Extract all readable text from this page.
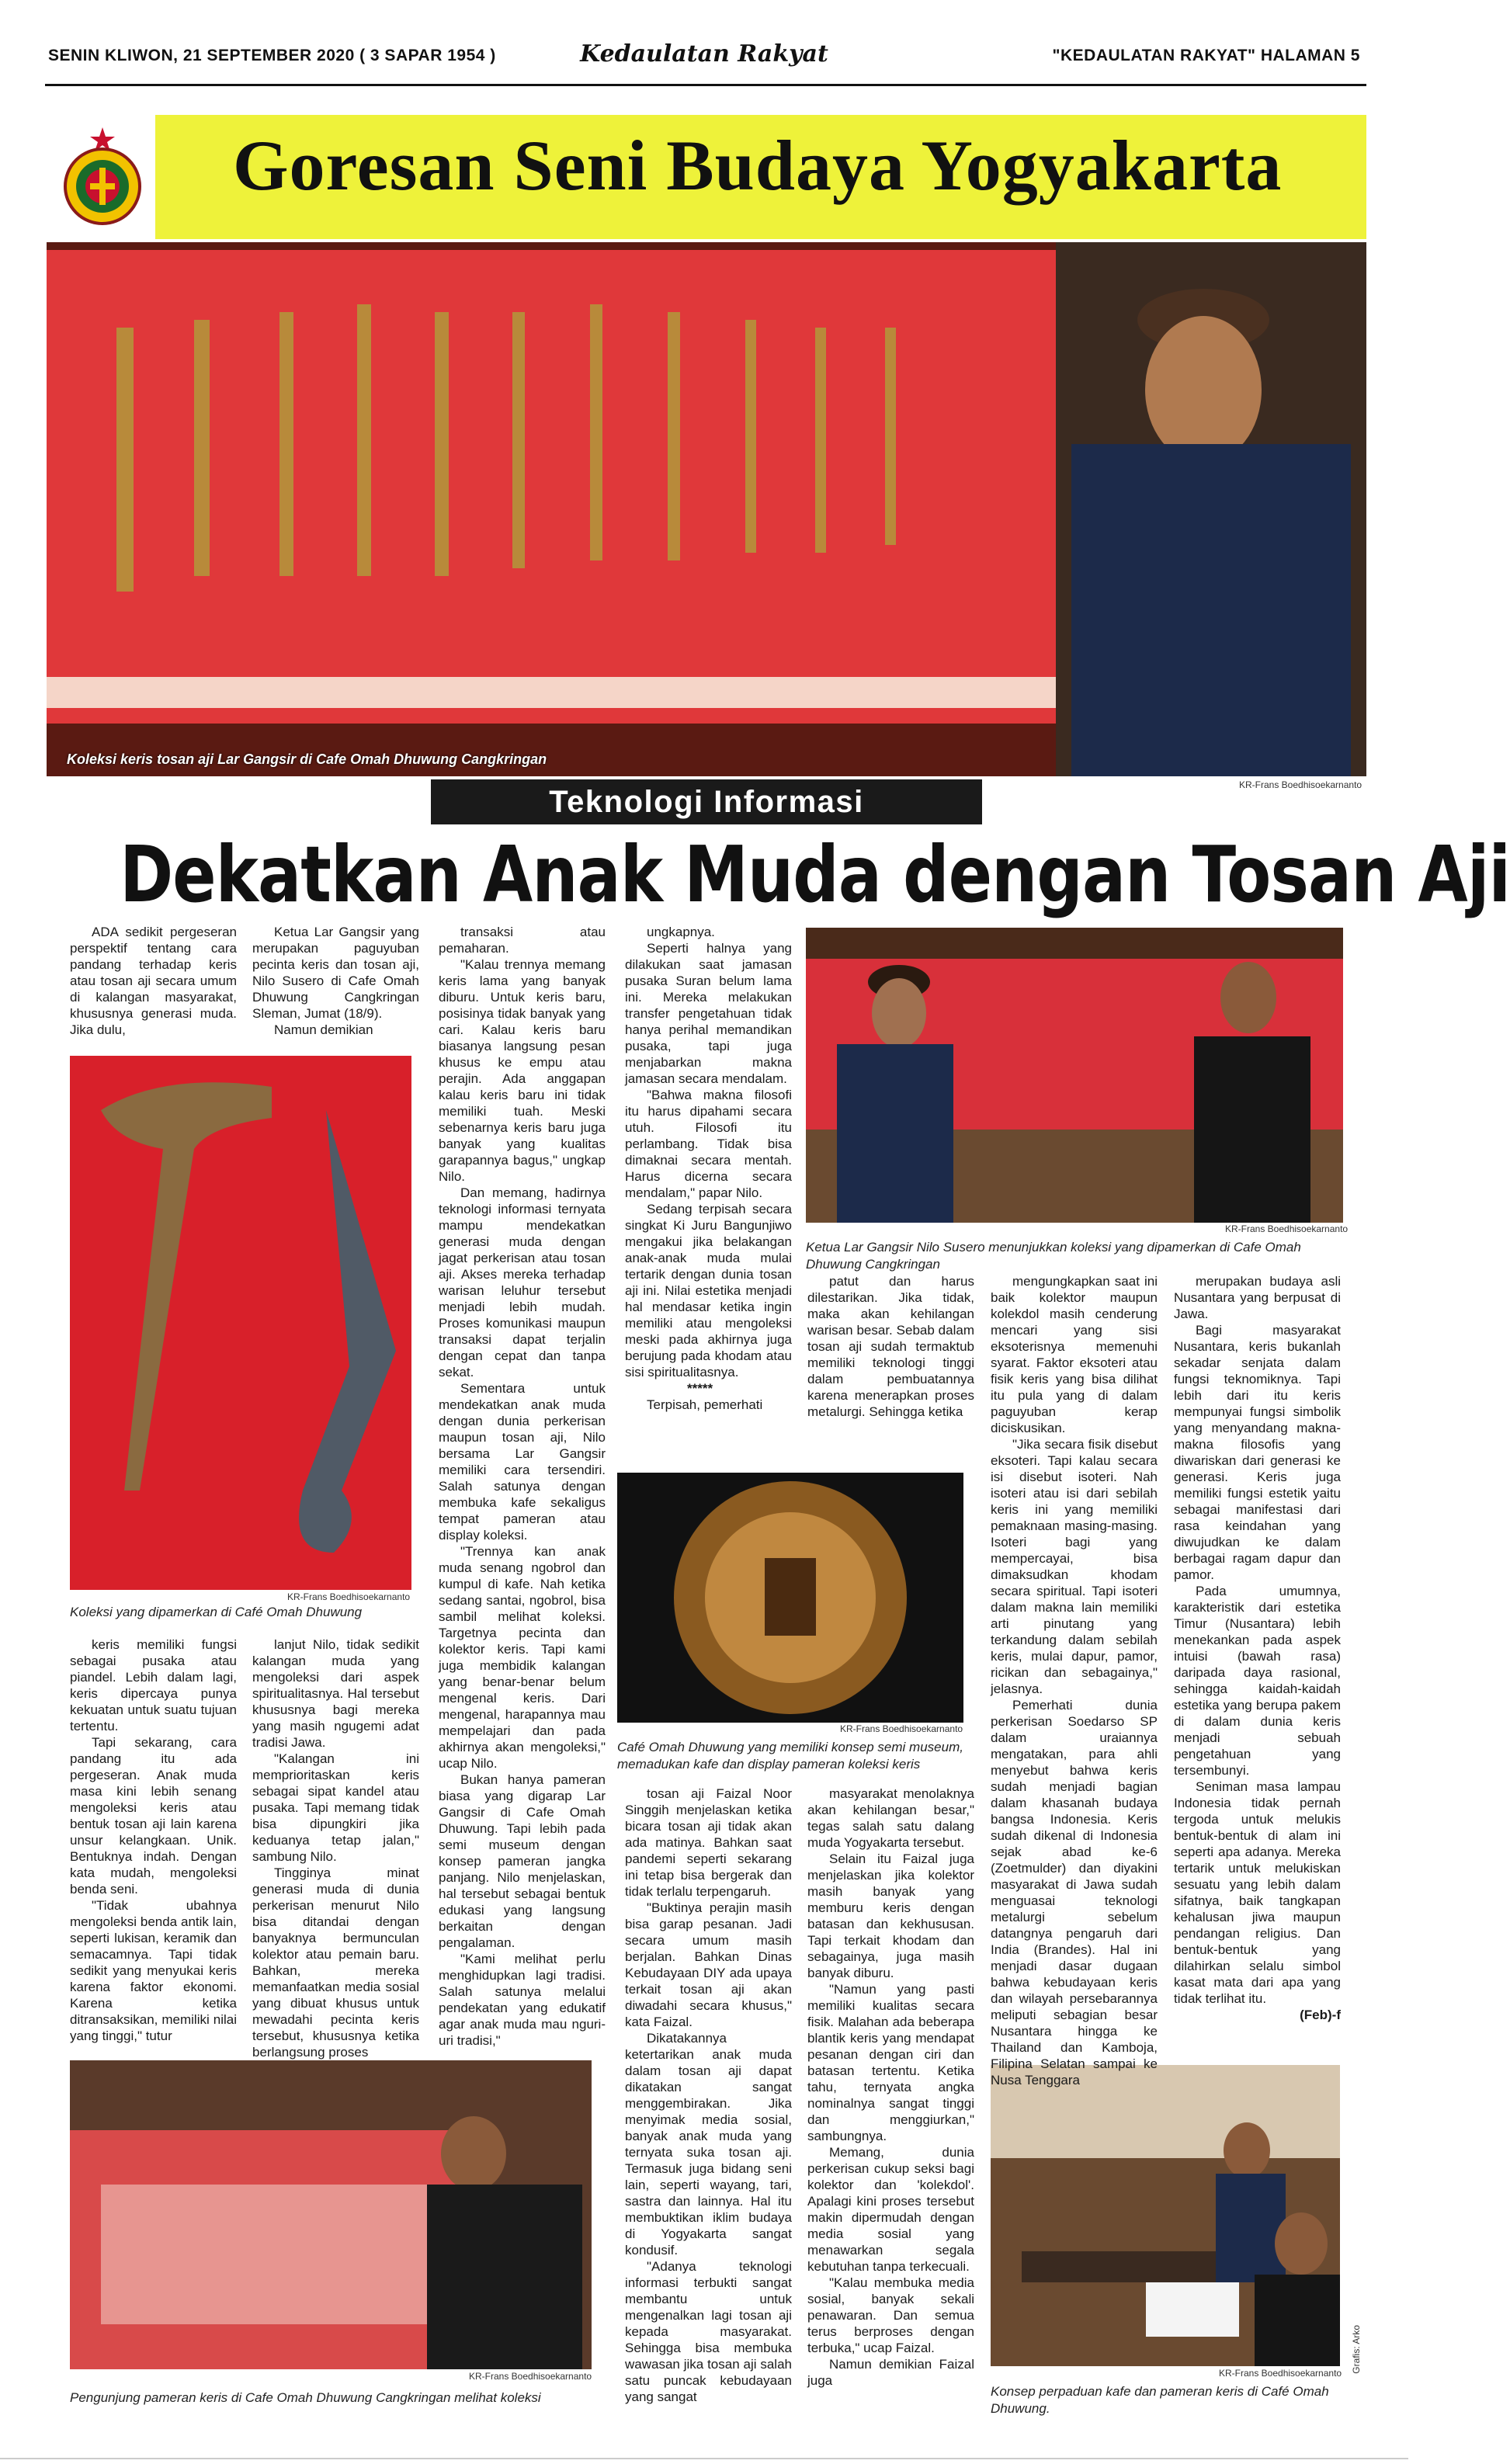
SENIN KLIWON, 21 SEPTEMBER 2020 ( 3 SAPAR 1954 )	Kedaulatan Rakyat	"KEDAULATAN RAKYAT" HALAMAN 5
Goresan Seni Budaya Yogyakarta
Koleksi keris tosan aji Lar Gangsir di Cafe Omah Dhuwung Cangkringan
KR-Frans Boedhisoekarnanto
Teknologi Informasi
Dekatkan Anak Muda dengan Tosan Aji
KR-Frans Boedhisoekarnanto
Koleksi yang dipamerkan di Café Omah Dhuwung
KR-Frans Boedhisoekarnanto
Ketua Lar Gangsir Nilo Susero menunjukkan koleksi yang dipamerkan di Cafe Omah Dhuwung Cangkringan
KR-Frans Boedhisoekarnanto
Café Omah Dhuwung yang memiliki konsep semi museum, memadukan kafe dan display pameran koleksi keris
KR-Frans Boedhisoekarnanto
Pengunjung pameran keris di Cafe Omah Dhuwung Cangkringan melihat koleksi
KR-Frans Boedhisoekarnanto
Konsep perpaduan kafe dan pameran keris di Café Omah Dhuwung.
Grafis: Arko

ADA sedikit pergeseran perspektif tentang cara pandang terhadap keris atau tosan aji secara umum di kalangan masyarakat, khususnya generasi muda. Jika dulu,

Ketua Lar Gangsir yang merupakan paguyuban pecinta keris dan tosan aji, Nilo Susero di Cafe Omah Dhuwung Cangkringan Sleman, Jumat (18/9).

Namun demikian

transaksi atau pemaharan.

"Kalau trennya memang keris lama yang banyak diburu. Untuk keris baru, posisinya tidak banyak yang cari. Kalau keris baru biasanya langsung pesan khusus ke empu atau perajin. Ada anggapan kalau keris baru ini tidak memiliki tuah. Meski sebenarnya keris baru juga banyak yang kualitas garapannya bagus," ungkap Nilo.

Dan memang, hadirnya teknologi informasi ternyata mampu mendekatkan generasi muda dengan jagat perkerisan atau tosan aji. Akses mereka terhadap warisan leluhur tersebut menjadi lebih mudah. Proses komunikasi maupun transaksi dapat terjalin dengan cepat dan tanpa sekat.

Sementara untuk mendekatkan anak muda dengan dunia perkerisan maupun tosan aji, Nilo bersama Lar Gangsir memiliki cara tersendiri. Salah satunya dengan membuka kafe sekaligus tempat pameran atau display koleksi.

"Trennya kan anak muda senang ngobrol dan kumpul di kafe. Nah ketika sedang santai, ngobrol, bisa sambil melihat koleksi. Targetnya pecinta dan kolektor keris. Tapi kami juga membidik kalangan yang benar-benar belum mengenal keris. Dari mengenal, harapannya mau mempelajari dan pada akhirnya akan mengoleksi," ucap Nilo.

Bukan hanya pameran biasa yang digarap Lar Gangsir di Cafe Omah Dhuwung. Tapi lebih pada semi museum dengan konsep pameran jangka panjang. Nilo menjelaskan, hal tersebut sebagai bentuk edukasi yang langsung berkaitan dengan pengalaman.

"Kami melihat perlu menghidupkan lagi tradisi. Salah satunya melalui pendekatan yang edukatif agar anak muda mau nguri-uri tradisi,"

ungkapnya.

Seperti halnya yang dilakukan saat jamasan pusaka Suran belum lama ini. Mereka melakukan transfer pengetahuan tidak hanya perihal memandikan pusaka, tapi juga menjabarkan makna jamasan secara mendalam.

"Bahwa makna filosofi itu harus dipahami secara utuh. Filosofi itu perlambang. Tidak bisa dimaknai secara mentah. Harus dicerna secara mendalam," papar Nilo.

Sedang terpisah secara singkat Ki Juru Bangunjiwo mengakui jika belakangan anak-anak muda mulai tertarik dengan dunia tosan aji ini. Nilai estetika menjadi hal mendasar ketika ingin memiliki atau mengoleksi meski pada akhirnya juga berujung pada khodam atau sisi spiritualitasnya.

*****

Terpisah, pemerhati

keris memiliki fungsi sebagai pusaka atau piandel. Lebih dalam lagi, keris dipercaya punya kekuatan untuk suatu tujuan tertentu.

Tapi sekarang, cara pandang itu ada pergeseran. Anak muda masa kini lebih senang mengoleksi keris atau bentuk tosan aji lain karena unsur kelangkaan. Unik. Bentuknya indah. Dengan kata mudah, mengoleksi benda seni.

"Tidak ubahnya mengoleksi benda antik lain, seperti lukisan, keramik dan semacamnya. Tapi tidak sedikit yang menyukai keris karena faktor ekonomi. Karena ketika ditransaksikan, memiliki nilai yang tinggi," tutur

lanjut Nilo, tidak sedikit kalangan muda yang mengoleksi dari aspek spiritualitasnya. Hal tersebut khususnya bagi mereka yang masih ngugemi adat tradisi Jawa.

"Kalangan ini memprioritaskan keris sebagai sipat kandel atau pusaka. Tapi memang tidak bisa dipungkiri jika keduanya tetap jalan," sambung Nilo.

Tingginya minat generasi muda di dunia perkerisan menurut Nilo bisa ditandai dengan banyaknya bermunculan kolektor atau pemain baru. Bahkan, mereka memanfaatkan media sosial yang dibuat khusus untuk mewadahi pecinta keris tersebut, khususnya ketika berlangsung proses

patut dan harus dilestarikan. Jika tidak, maka akan kehilangan warisan besar. Sebab dalam tosan aji sudah termaktub memiliki teknologi tinggi dalam pembuatannya karena menerapkan proses metalurgi. Sehingga ketika

mengungkapkan saat ini baik kolektor maupun kolekdol masih cenderung mencari yang sisi eksoterisnya memenuhi syarat. Faktor eksoteri atau fisik keris yang bisa dilihat itu pula yang di dalam paguyuban kerap diciskusikan.

"Jika secara fisik disebut eksoteri. Tapi kalau secara isi disebut isoteri. Nah isoteri atau isi dari sebilah keris ini yang memiliki pemaknaan masing-masing. Isoteri bagi yang mempercayai, bisa dimaksudkan khodam secara spiritual. Tapi isoteri dalam makna lain memiliki arti pinutang yang terkandung dalam sebilah keris, mulai dapur, pamor, ricikan dan sebagainya," jelasnya.

Pemerhati dunia perkerisan Soedarso SP dalam uraiannya mengatakan, para ahli menyebut bahwa keris sudah menjadi bagian dalam khasanah budaya bangsa Indonesia. Keris sudah dikenal di Indonesia sejak abad ke-6 (Zoetmulder) dan diyakini masyarakat di Jawa sudah menguasai teknologi metalurgi sebelum datangnya pengaruh dari India (Brandes). Hal ini menjadi dasar dugaan bahwa kebudayaan keris dan wilayah persebarannya meliputi sebagian besar Nusantara hingga ke Thailand dan Kamboja, Filipina Selatan sampai ke Nusa Tenggara

merupakan budaya asli Nusantara yang berpusat di Jawa.

Bagi masyarakat Nusantara, keris bukanlah sekadar senjata dalam fungsi teknomiknya. Tapi lebih dari itu keris mempunyai fungsi simbolik yang menyandang makna-makna filosofis yang diwariskan dari generasi ke generasi. Keris juga memiliki fungsi estetik yaitu sebagai manifestasi dari rasa keindahan yang diwujudkan ke dalam berbagai ragam dapur dan pamor.

Pada umumnya, karakteristik dari estetika Timur (Nusantara) lebih menekankan pada aspek intuisi (bawah rasa) daripada daya rasional, sehingga kaidah-kaidah estetika yang berupa pakem di dalam dunia keris menjadi sebuah pengetahuan yang tersembunyi.

Seniman masa lampau Indonesia tidak pernah tergoda untuk melukis bentuk-bentuk di alam ini seperti apa adanya. Mereka tertarik untuk melukiskan sesuatu yang lebih dalam sifatnya, baik tangkapan kehalusan jiwa maupun pendangan religius. Dan bentuk-bentuk yang dilahirkan selalu simbol kasat mata dari apa yang tidak terlihat itu.

(Feb)-f

tosan aji Faizal Noor Singgih menjelaskan ketika bicara tosan aji tidak akan ada matinya. Bahkan saat pandemi seperti sekarang ini tetap bisa bergerak dan tidak terlalu terpengaruh.

"Buktinya perajin masih bisa garap pesanan. Jadi secara umum masih berjalan. Bahkan Dinas Kebudayaan DIY ada upaya terkait tosan aji akan diwadahi secara khusus," kata Faizal.

Dikatakannya ketertarikan anak muda dalam tosan aji dapat dikatakan sangat menggembirakan. Jika menyimak media sosial, banyak anak muda yang ternyata suka tosan aji. Termasuk juga bidang seni lain, seperti wayang, tari, sastra dan lainnya. Hal itu membuktikan iklim budaya di Yogyakarta sangat kondusif.

"Adanya teknologi informasi terbukti sangat membantu untuk mengenalkan lagi tosan aji kepada masyarakat. Sehingga bisa membuka wawasan jika tosan aji salah satu puncak kebudayaan yang sangat

masyarakat menolaknya akan kehilangan besar," tegas salah satu dalang muda Yogyakarta tersebut.

Selain itu Faizal juga menjelaskan jika kolektor masih banyak yang memburu keris dengan batasan dan kekhususan. Tapi terkait khodam dan sebagainya, juga masih banyak diburu.

"Namun yang pasti memiliki kualitas secara fisik. Malahan ada beberapa blantik keris yang mendapat pesanan dengan ciri dan batasan tertentu. Ketika tahu, ternyata angka nominalnya sangat tinggi dan menggiurkan," sambungnya.

Memang, dunia perkerisan cukup seksi bagi kolektor dan 'kolekdol'. Apalagi kini proses tersebut makin dipermudah dengan media sosial yang menawarkan segala kebutuhan tanpa terkecuali.

"Kalau membuka media sosial, banyak sekali penawaran. Dan semua terus berproses dengan terbuka," ucap Faizal.

Namun demikian Faizal juga
